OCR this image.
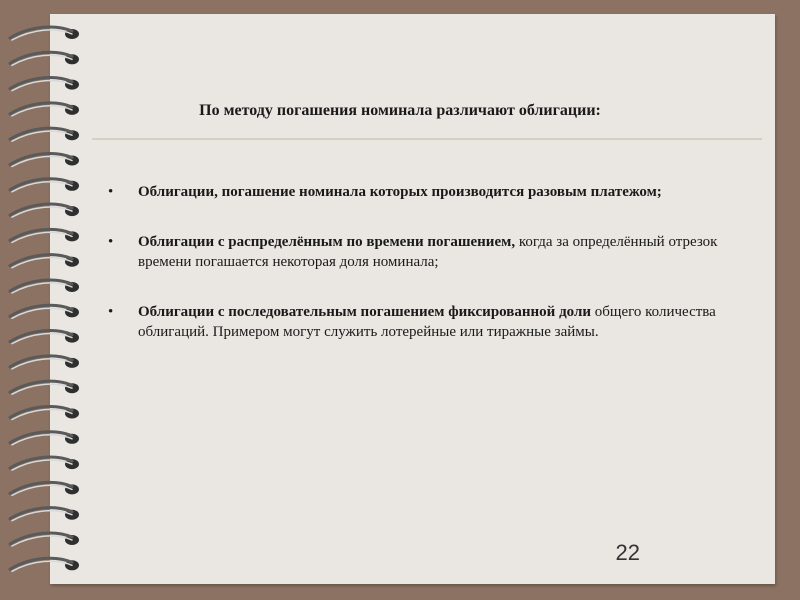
По методу погашения номинала различают облигации:
• Облигации, погашение номинала которых производится разовым платежом;
• Облигации с распределённым по времени погашением, когда за определённый отрезок времени погашается некоторая доля номинала;
• Облигации с последовательным погашением фиксированной доли общего количества облигаций. Примером могут служить лотерейные или тиражные займы.
22
